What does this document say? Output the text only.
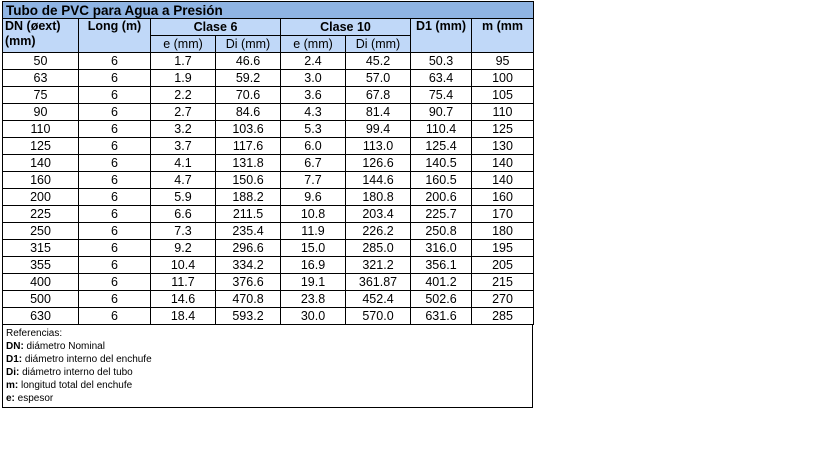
Tubo de PVC para Agua a Presión							

DN (øext)
(mm)	Long (m)	Clase 6		Clase 10		D1 (mm)	m (mm
		e (mm)	Di (mm)	e (mm)	Di (mm)		
50	6	1.7	46.6	2.4	45.2	50.3	95
63	6	1.9	59.2	3.0	57.0	63.4	100
75	6	2.2	70.6	3.6	67.8	75.4	105
90	6	2.7	84.6	4.3	81.4	90.7	110
110	6	3.2	103.6	5.3	99.4	110.4	125
125	6	3.7	117.6	6.0	113.0	125.4	130
140	6	4.1	131.8	6.7	126.6	140.5	140
160	6	4.7	150.6	7.7	144.6	160.5	140
200	6	5.9	188.2	9.6	180.8	200.6	160
225	6	6.6	211.5	10.8	203.4	225.7	170
250	6	7.3	235.4	11.9	226.2	250.8	180
315	6	9.2	296.6	15.0	285.0	316.0	195
355	6	10.4	334.2	16.9	321.2	356.1	205
400	6	11.7	376.6	19.1	361.87	401.2	215
500	6	14.6	470.8	23.8	452.4	502.6	270
630	6	18.4	593.2	30.0	570.0	631.6	285
Referencias:
DN: diámetro Nominal
D1: diámetro interno del enchufe
Di: diámetro interno del tubo
m: longitud total del enchufe
e: espesor
